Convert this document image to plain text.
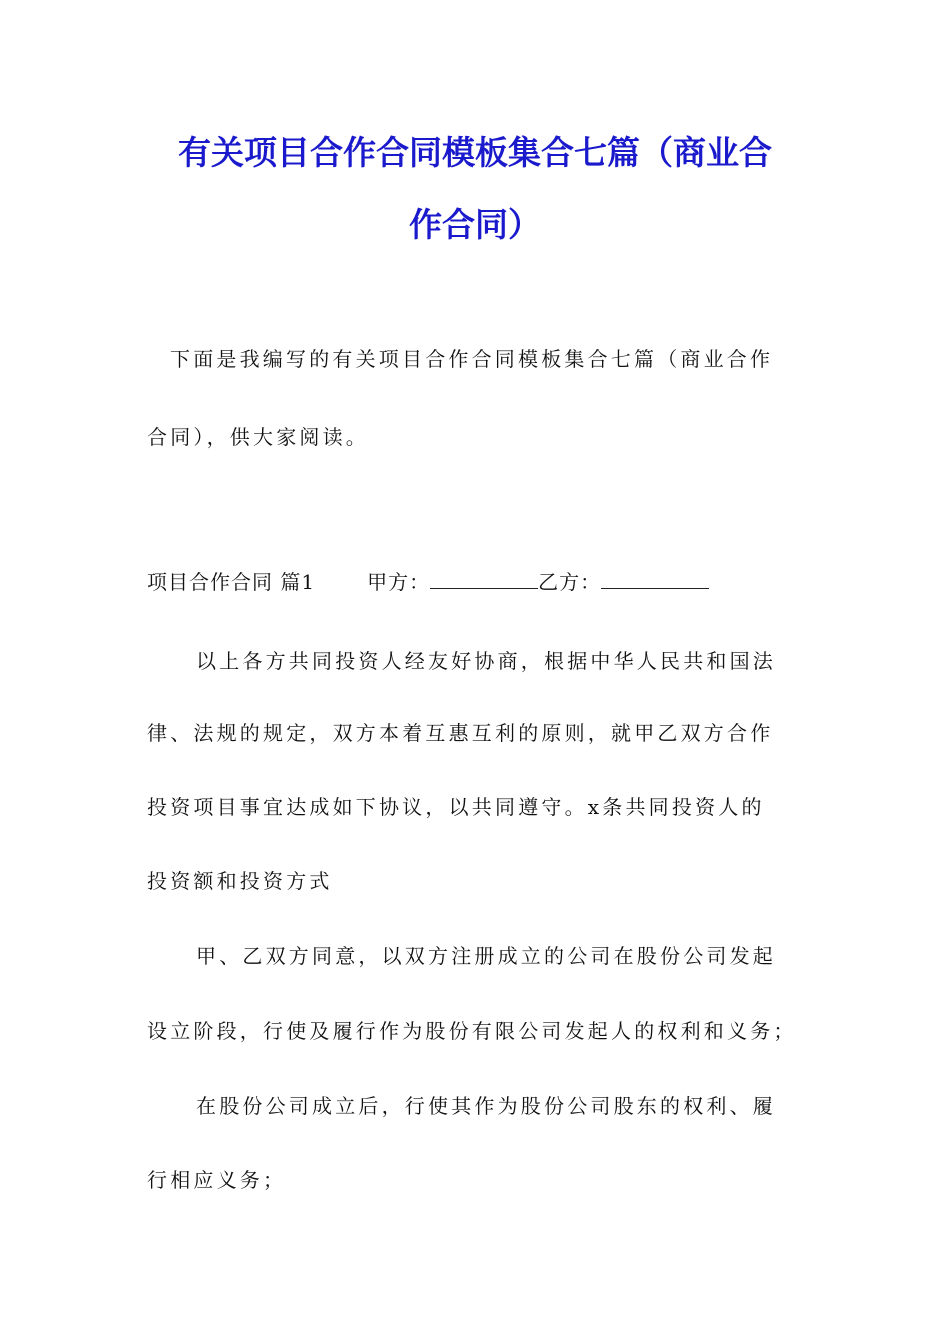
有关项目合作合同模板集合七篇（商业合
作合同）

下面是我编写的有关项目合作合同模板集合七篇（商业合作

合同），供大家阅读。

项目合作合同 篇1	甲方：	乙方：

以上各方共同投资人经友好协商，根据中华人民共和国法

律、法规的规定，双方本着互惠互利的原则，就甲乙双方合作

投资项目事宜达成如下协议，以共同遵守。x条共同投资人的

投资额和投资方式

甲、乙双方同意，以双方注册成立的公司在股份公司发起

设立阶段，行使及履行作为股份有限公司发起人的权利和义务；

在股份公司成立后，行使其作为股份公司股东的权利、履

行相应义务；
